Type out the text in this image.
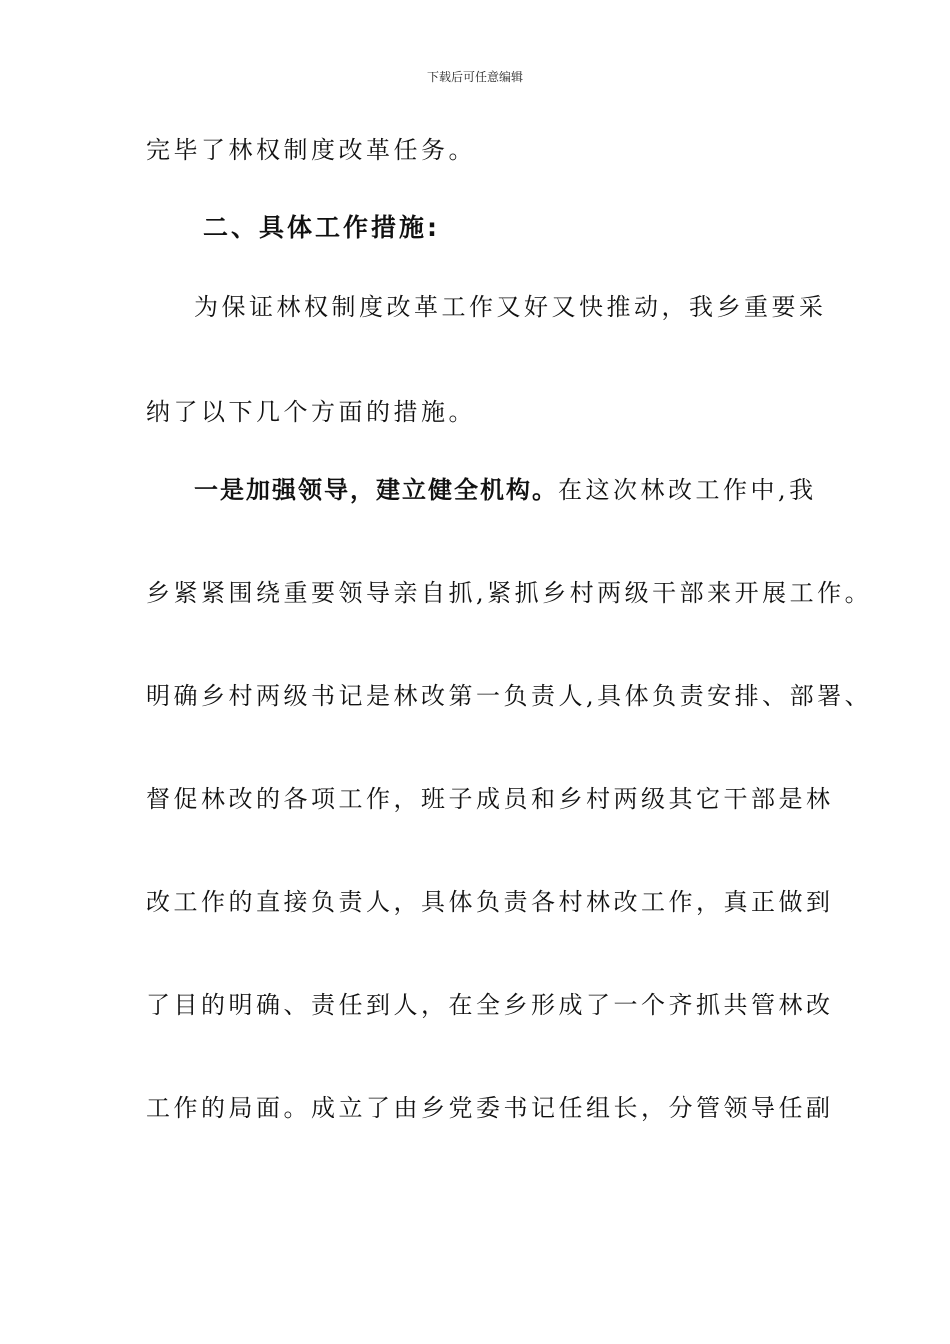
下载后可任意编辑
完毕了林权制度改革任务。
二、具体工作措施:
为保证林权制度改革工作又好又快推动，我乡重要采
纳了以下几个方面的措施。
一是加强领导，建立健全机构。在这次林改工作中,我
乡紧紧围绕重要领导亲自抓,紧抓乡村两级干部来开展工作。
明确乡村两级书记是林改第一负责人,具体负责安排、部署、
督促林改的各项工作，班子成员和乡村两级其它干部是林
改工作的直接负责人，具体负责各村林改工作，真正做到
了目的明确、责任到人，在全乡形成了一个齐抓共管林改
工作的局面。成立了由乡党委书记任组长，分管领导任副
